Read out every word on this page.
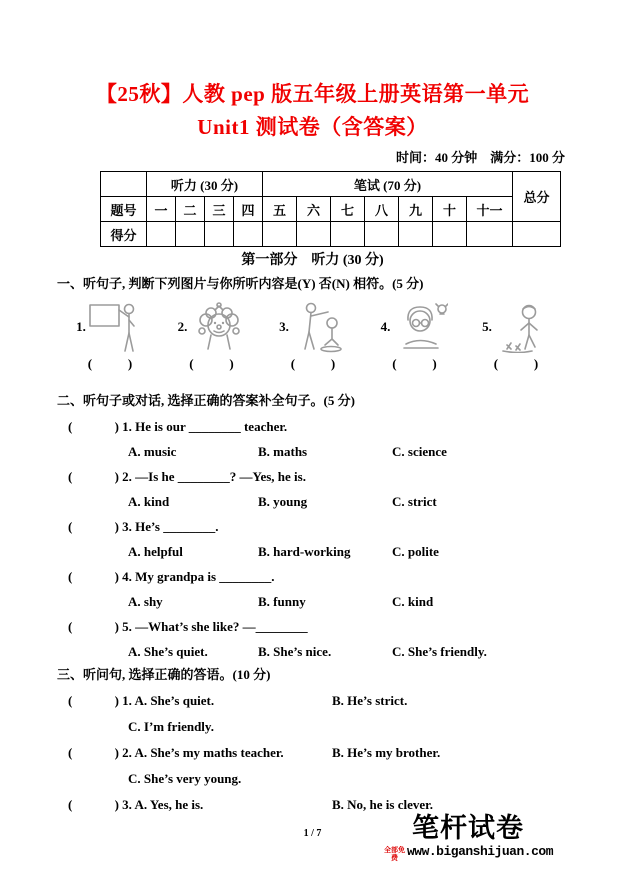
【25秋】人教 pep 版五年级上册英语第一单元
Unit1 测试卷（含答案）
时间：40 分钟　满分：100 分
	听力 (30 分)				笔试 (70 分)							总分
题号	一	二	三	四	五	六	七	八	九	十	十一	
得分												
第一部分　听力 (30 分)
一、听句子, 判断下列图片与你所听内容是(Y) 否(N) 相符。(5 分)
1.
(           )
2.
(           )
3.
(           )
4.
(           )
5.
(           )
二、听句子或对话, 选择正确的答案补全句子。(5 分)
(             ) 1. He is our ________ teacher.
A. music	B. maths	C. science
(             ) 2. —Is he ________? —Yes, he is.
A. kind	B. young	C. strict
(             ) 3. He’s ________.
A. helpful	B. hard-working	C. polite
(             ) 4. My grandpa is ________.
A. shy	B. funny	C. kind
(             ) 5. —What’s she like? —________
A. She’s quiet.	B. She’s nice.	C. She’s friendly.
三、听问句, 选择正确的答语。(10 分)
(             ) 1. A. She’s quiet.	B. He’s strict.
C. I’m friendly.
(             ) 2. A. She’s my maths teacher.	B. He’s my brother.
C. She’s very young.
(             ) 3. A. Yes, he is.	B. No, he is clever.
1 / 7	笔杆试卷
全部免费 www.biganshijuan.com
